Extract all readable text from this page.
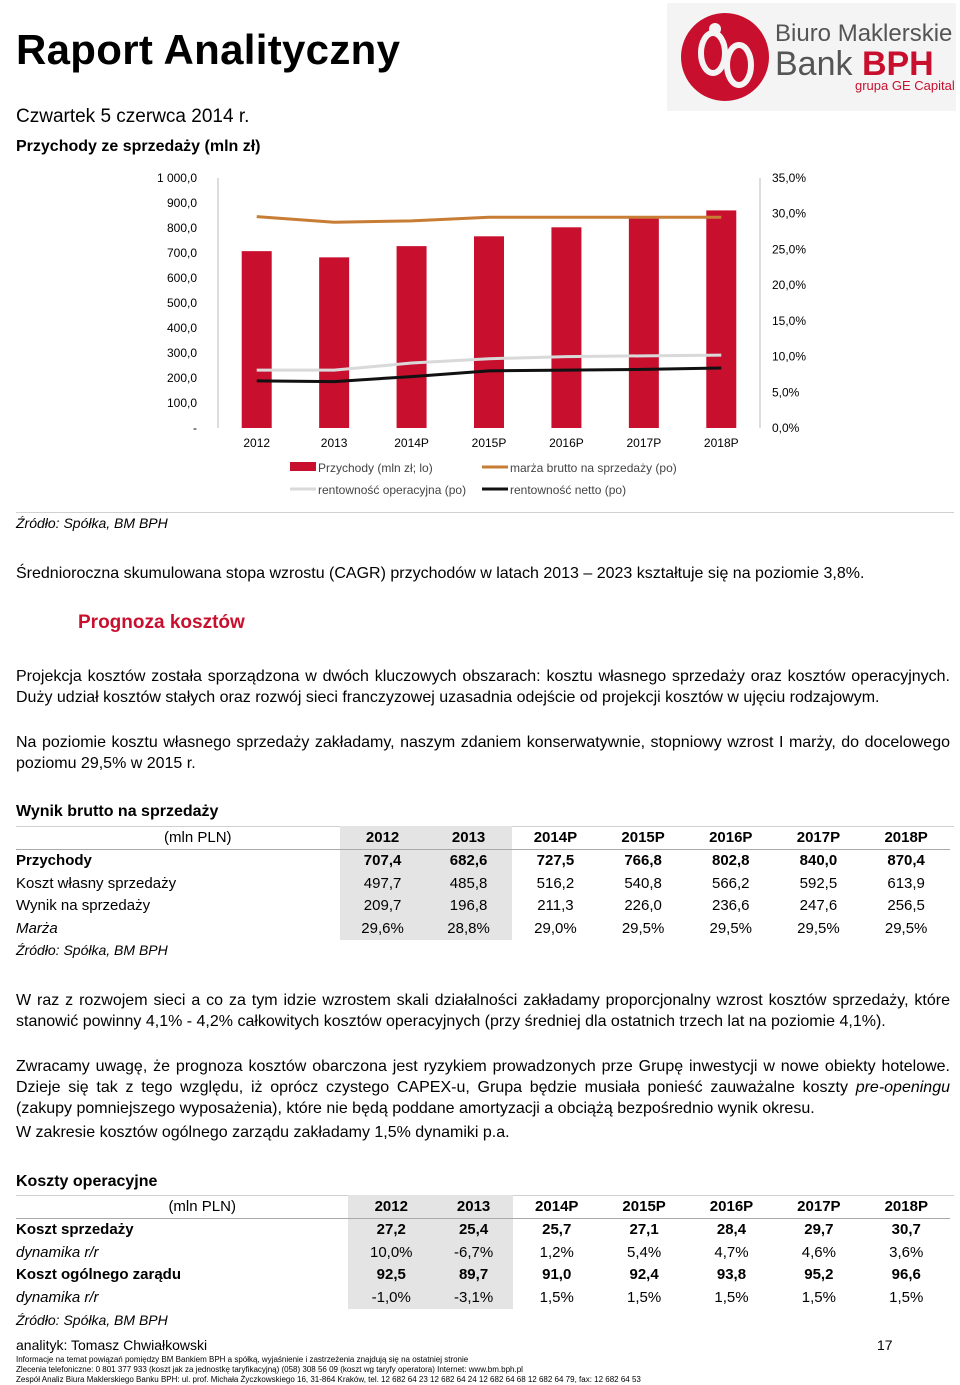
Raport Analityczny
Czwartek 5 czerwca 2014 r.
Biuro Maklerskie
Bank BPH
grupa GE Capital
Przychody ze sprzedaży (mln zł)
-
100,0
200,0
300,0
400,0
500,0
600,0
700,0
800,0
900,0
1 000,0
0,0%
5,0%
10,0%
15,0%
20,0%
25,0%
30,0%
35,0%
2012	2013	2014P	2015P	2016P	2017P	2018P
Przychody (mln zł; lo)	marża brutto na sprzedaży (po)
rentowność operacyjna (po)	rentowność netto (po)
Źródło: Spółka, BM BPH
Średnioroczna skumulowana stopa wzrostu (CAGR) przychodów w latach 2013 – 2023 kształtuje się na poziomie 3,8%.
Prognoza kosztów
Projekcja kosztów została sporządzona w dwóch kluczowych obszarach: kosztu własnego sprzedaży oraz kosztów operacyjnych. Duży udział kosztów stałych oraz rozwój sieci franczyzowej uzasadnia odejście od projekcji kosztów w ujęciu rodzajowym.
Na poziomie kosztu własnego sprzedaży zakładamy, naszym zdaniem konserwatywnie, stopniowy wzrost I marży, do docelowego poziomu 29,5% w 2015 r.
Wynik brutto na sprzedaży
(mln PLN)	2012	2013	2014P	2015P	2016P	2017P	2018P
Przychody	707,4	682,6	727,5	766,8	802,8	840,0	870,4
Koszt własny sprzedaży	497,7	485,8	516,2	540,8	566,2	592,5	613,9
Wynik na sprzedaży	209,7	196,8	211,3	226,0	236,6	247,6	256,5
Marża	29,6%	28,8%	29,0%	29,5%	29,5%	29,5%	29,5%
Źródło: Spółka, BM BPH
W raz z rozwojem sieci a co za tym idzie wzrostem skali działalności zakładamy proporcjonalny wzrost kosztów sprzedaży, które stanowić powinny 4,1% - 4,2% całkowitych kosztów operacyjnych (przy średniej dla ostatnich trzech lat na poziomie 4,1%).
Zwracamy uwagę, że prognoza kosztów obarczona jest ryzykiem prowadzonych prze Grupę inwestycji w nowe obiekty hotelowe. Dzieje się tak z tego względu, iż oprócz czystego CAPEX-u, Grupa będzie musiała ponieść zauważalne koszty pre-openingu (zakupy pomniejszego wyposażenia), które nie będą poddane amortyzacji a obciążą bezpośrednio wynik okresu.
W zakresie kosztów ogólnego zarządu zakładamy 1,5% dynamiki p.a.
Koszty operacyjne
(mln PLN)	2012	2013	2014P	2015P	2016P	2017P	2018P
Koszt sprzedaży	27,2	25,4	25,7	27,1	28,4	29,7	30,7
dynamika r/r	10,0%	-6,7%	1,2%	5,4%	4,7%	4,6%	3,6%
Koszt ogólnego zarądu	92,5	89,7	91,0	92,4	93,8	95,2	96,6
dynamika r/r	-1,0%	-3,1%	1,5%	1,5%	1,5%	1,5%	1,5%
Źródło: Spółka, BM BPH
analityk: Tomasz Chwiałkowski	17
Informacje na temat powiązań pomiędzy BM Bankiem BPH a spółką, wyjaśnienie i zastrzeżenia znajdują się na ostatniej stronie
Zlecenia telefoniczne: 0 801 377 933 (koszt jak za jednostkę taryfikacyjną) (058) 308 56 09 (koszt wg taryfy operatora) Internet: www.bm.bph.pl
Zespół Analiz Biura Maklerskiego Banku BPH: ul. prof. Michała Życzkowskiego 16, 31-864 Kraków, tel. 12 682 64 23 12 682 64 24 12 682 64 68 12 682 64 79, fax: 12 682 64 53
